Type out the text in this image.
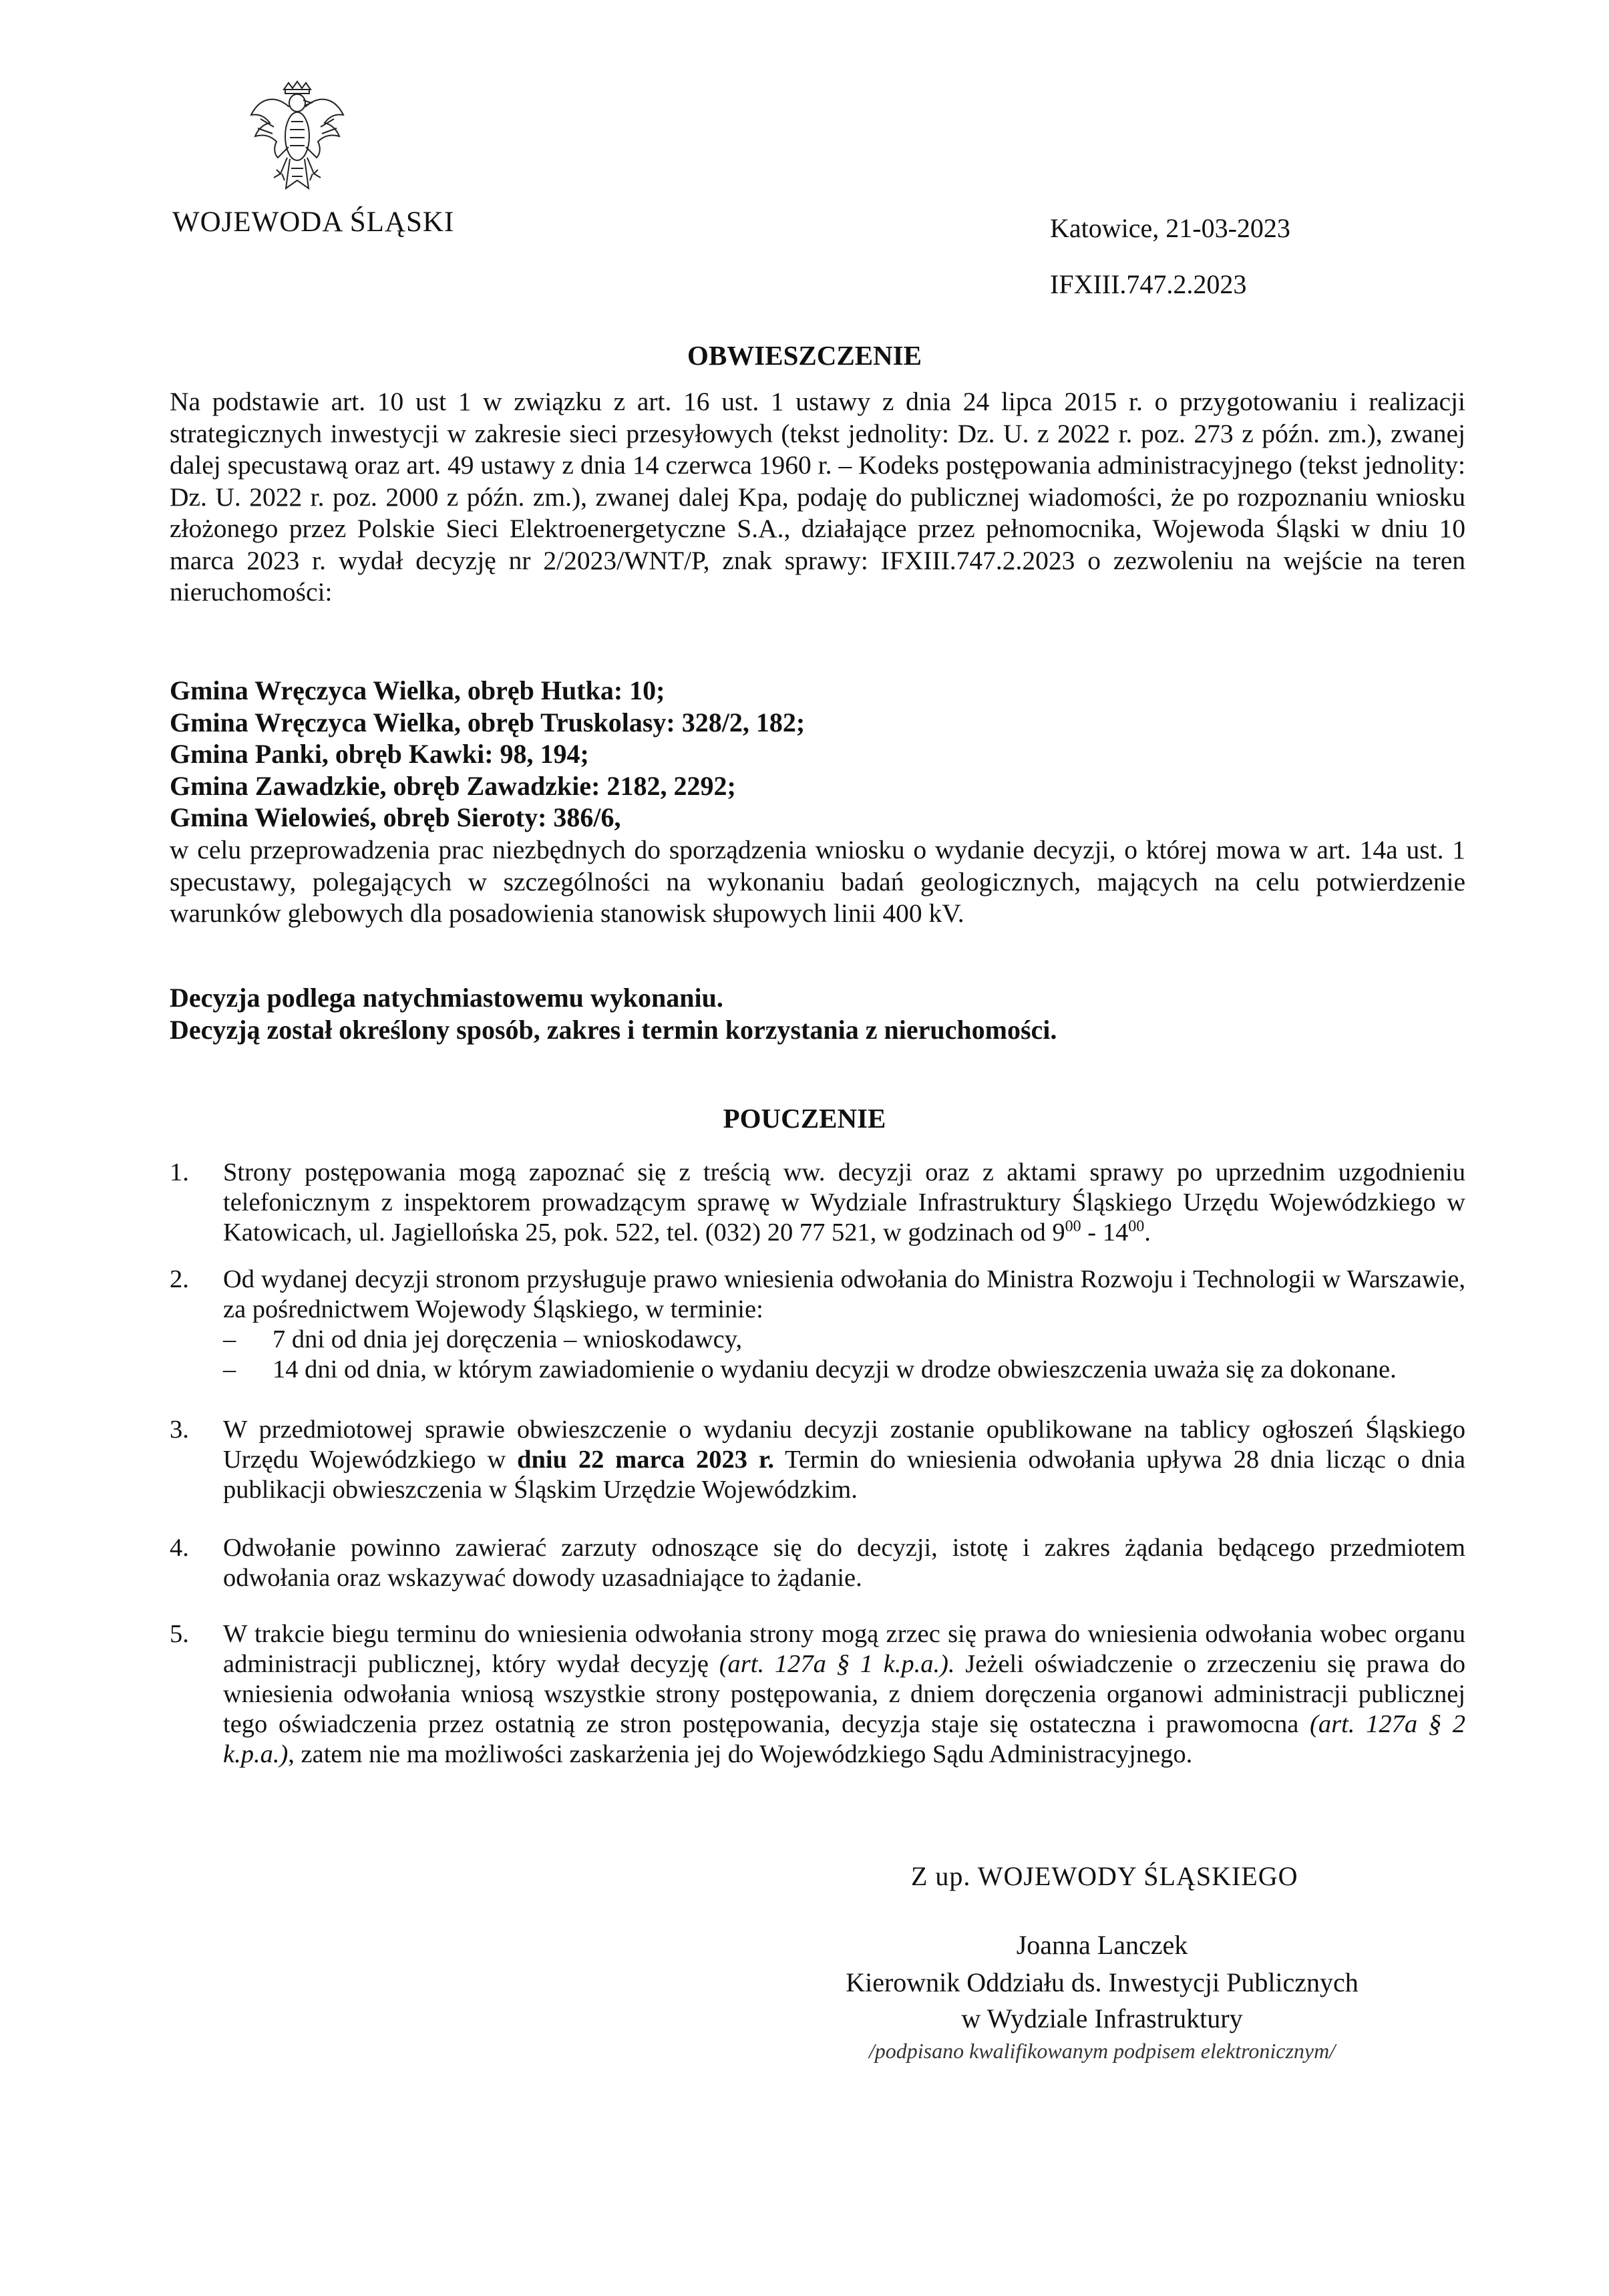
WOJEWODA ŚLĄSKI	Katowice, 21-03-2023
IFXIII.747.2.2023
OBWIESZCZENIE
Na podstawie art. 10 ust 1 w związku z art. 16 ust. 1 ustawy z dnia 24 lipca 2015 r. o przygotowaniu i realizacji strategicznych inwestycji w zakresie sieci przesyłowych (tekst jednolity: Dz. U. z 2022 r. poz. 273 z późn. zm.), zwanej dalej specustawą oraz art. 49 ustawy z dnia 14 czerwca 1960 r. – Kodeks postępowania administracyjnego (tekst jednolity: Dz. U. 2022 r. poz. 2000 z późn. zm.), zwanej dalej Kpa, podaję do publicznej wiadomości, że po rozpoznaniu wniosku złożonego przez Polskie Sieci Elektroenergetyczne S.A., działające przez pełnomocnika, Wojewoda Śląski w dniu 10 marca 2023 r. wydał decyzję nr 2/2023/WNT/P, znak sprawy: IFXIII.747.2.2023 o zezwoleniu na wejście na teren nieruchomości:
Gmina Wręczyca Wielka, obręb Hutka: 10;
Gmina Wręczyca Wielka, obręb Truskolasy: 328/2, 182;
Gmina Panki, obręb Kawki: 98, 194;
Gmina Zawadzkie, obręb Zawadzkie: 2182, 2292;
Gmina Wielowieś, obręb Sieroty: 386/6,
w celu przeprowadzenia prac niezbędnych do sporządzenia wniosku o wydanie decyzji, o której mowa w art. 14a ust. 1 specustawy, polegających w szczególności na wykonaniu badań geologicznych, mających na celu potwierdzenie warunków glebowych dla posadowienia stanowisk słupowych linii 400 kV.
Decyzja podlega natychmiastowemu wykonaniu.
Decyzją został określony sposób, zakres i termin korzystania z nieruchomości.
POUCZENIE
1.	Strony postępowania mogą zapoznać się z treścią ww. decyzji oraz z aktami sprawy po uprzednim uzgodnieniu telefonicznym z inspektorem prowadzącym sprawę w Wydziale Infrastruktury Śląskiego Urzędu Wojewódzkiego w Katowicach, ul. Jagiellońska 25, pok. 522, tel. (032) 20 77 521, w godzinach od $9^{00} - 14^{00}$.
2.	Od wydanej decyzji stronom przysługuje prawo wniesienia odwołania do Ministra Rozwoju i Technologii w Warszawie, za pośrednictwem Wojewody Śląskiego, w terminie:
– 7 dni od dnia jej doręczenia – wnioskodawcy,
– 14 dni od dnia, w którym zawiadomienie o wydaniu decyzji w drodze obwieszczenia uważa się za dokonane.
3.	W przedmiotowej sprawie obwieszczenie o wydaniu decyzji zostanie opublikowane na tablicy ogłoszeń Śląskiego Urzędu Wojewódzkiego w dniu 22 marca 2023 r. Termin do wniesienia odwołania upływa 28 dnia licząc o dnia publikacji obwieszczenia w Śląskim Urzędzie Wojewódzkim.
4.	Odwołanie powinno zawierać zarzuty odnoszące się do decyzji, istotę i zakres żądania będącego przedmiotem odwołania oraz wskazywać dowody uzasadniające to żądanie.
5.	W trakcie biegu terminu do wniesienia odwołania strony mogą zrzec się prawa do wniesienia odwołania wobec organu administracji publicznej, który wydał decyzję (art. 127a § 1 k.p.a.). Jeżeli oświadczenie o zrzeczeniu się prawa do wniesienia odwołania wniosą wszystkie strony postępowania, z dniem doręczenia organowi administracji publicznej tego oświadczenia przez ostatnią ze stron postępowania, decyzja staje się ostateczna i prawomocna (art. 127a § 2 k.p.a.), zatem nie ma możliwości zaskarżenia jej do Wojewódzkiego Sądu Administracyjnego.
Z up. WOJEWODY ŚLĄSKIEGO
Joanna Lanczek
Kierownik Oddziału ds. Inwestycji Publicznych
w Wydziale Infrastruktury
/podpisano kwalifikowanym podpisem elektronicznym/
